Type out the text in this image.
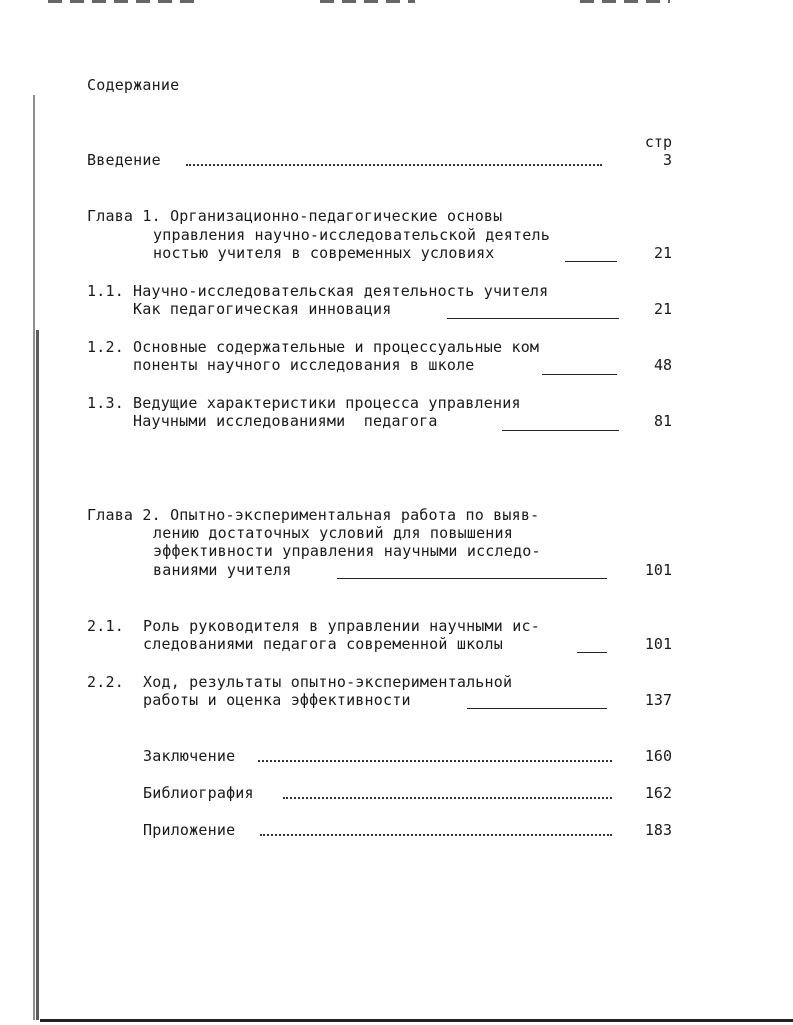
Содержание
стр
Введение	3
Глава 1. Организационно-педагогические основы
управления научно-исследовательской деятель
ностью учителя в современных условиях	21
1.1. Научно-исследовательская деятельность учителя
Как педагогическая инновация	21
1.2. Основные содержательные и процессуальные ком
поненты научного исследования в школе	48
1.3. Ведущие характеристики процесса управления
Научными исследованиями  педагога	81
Глава 2. Опытно-экспериментальная работа по выяв-
лению достаточных условий для повышения
эффективности управления научными исследо-
ваниями учителя	101
2.1. Роль руководителя в управлении научными ис-
следованиями педагога современной школы	101
2.2. Ход, результаты опытно-экспериментальной
работы и оценка эффективности	137
Заключение	160
Библиография	162
Приложение	183
